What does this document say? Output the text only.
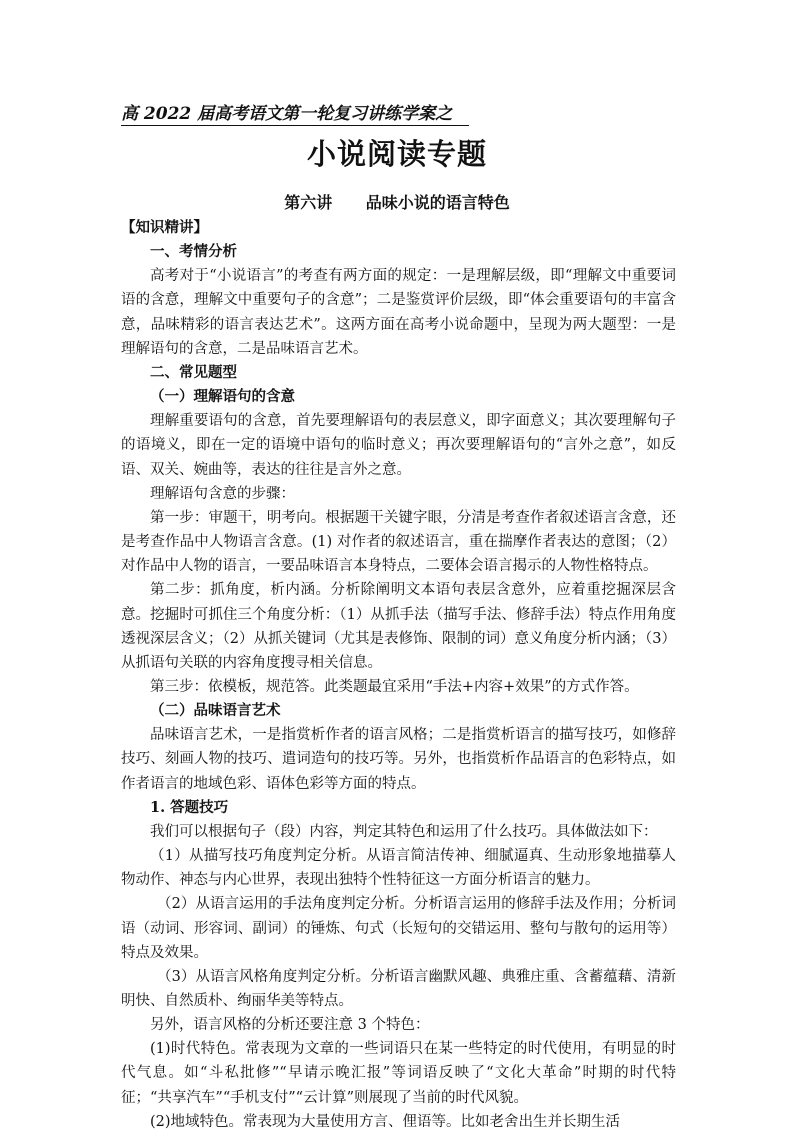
高 2022 届高考语文第一轮复习讲练学案之
小说阅读专题
第六讲      品味小说的语言特色

【知识精讲】

一、考情分析

高考对于“小说语言”的考查有两方面的规定：一是理解层级，即“理解文中重要词语的含意，理解文中重要句子的含意”；二是鉴赏评价层级，即“体会重要语句的丰富含意，品味精彩的语言表达艺术”。这两方面在高考小说命题中，呈现为两大题型：一是理解语句的含意，二是品味语言艺术。

二、常见题型

（一）理解语句的含意

理解重要语句的含意，首先要理解语句的表层意义，即字面意义；其次要理解句子的语境义，即在一定的语境中语句的临时意义；再次要理解语句的“言外之意”，如反语、双关、婉曲等，表达的往往是言外之意。

理解语句含意的步骤：

第一步：审题干，明考向。根据题干关键字眼，分清是考查作者叙述语言含意，还是考查作品中人物语言含意。(1) 对作者的叙述语言，重在揣摩作者表达的意图；（2）对作品中人物的语言，一要品味语言本身特点，二要体会语言揭示的人物性格特点。

第二步：抓角度，析内涵。分析除阐明文本语句表层含意外，应着重挖掘深层含意。挖掘时可抓住三个角度分析：（1）从抓手法（描写手法、修辞手法）特点作用角度透视深层含义；（2）从抓关键词（尤其是表修饰、限制的词）意义角度分析内涵；（3）从抓语句关联的内容角度搜寻相关信息。

第三步：依模板，规范答。此类题最宜采用“手法+内容+效果”的方式作答。

（二）品味语言艺术

品味语言艺术，一是指赏析作者的语言风格；二是指赏析语言的描写技巧，如修辞技巧、刻画人物的技巧、遣词造句的技巧等。另外，也指赏析作品语言的色彩特点，如作者语言的地域色彩、语体色彩等方面的特点。

1. 答题技巧

我们可以根据句子（段）内容，判定其特色和运用了什么技巧。具体做法如下：

（1）从描写技巧角度判定分析。从语言简洁传神、细腻逼真、生动形象地描摹人物动作、神态与内心世界，表现出独特个性特征这一方面分析语言的魅力。

（2）从语言运用的手法角度判定分析。分析语言运用的修辞手法及作用；分析词语（动词、形容词、副词）的锤炼、句式（长短句的交错运用、整句与散句的运用等）特点及效果。

（3）从语言风格角度判定分析。分析语言幽默风趣、典雅庄重、含蓄蕴藉、清新明快、自然质朴、绚丽华美等特点。

另外，语言风格的分析还要注意 3 个特色：

(1)时代特色。常表现为文章的一些词语只在某一些特定的时代使用，有明显的时代气息。如“斗私批修”“早请示晚汇报”等词语反映了“文化大革命”时期的时代特征；“共享汽车”“手机支付”“云计算”则展现了当前的时代风貌。

(2)地域特色。常表现为大量使用方言、俚语等。比如老舍出生并长期生活
